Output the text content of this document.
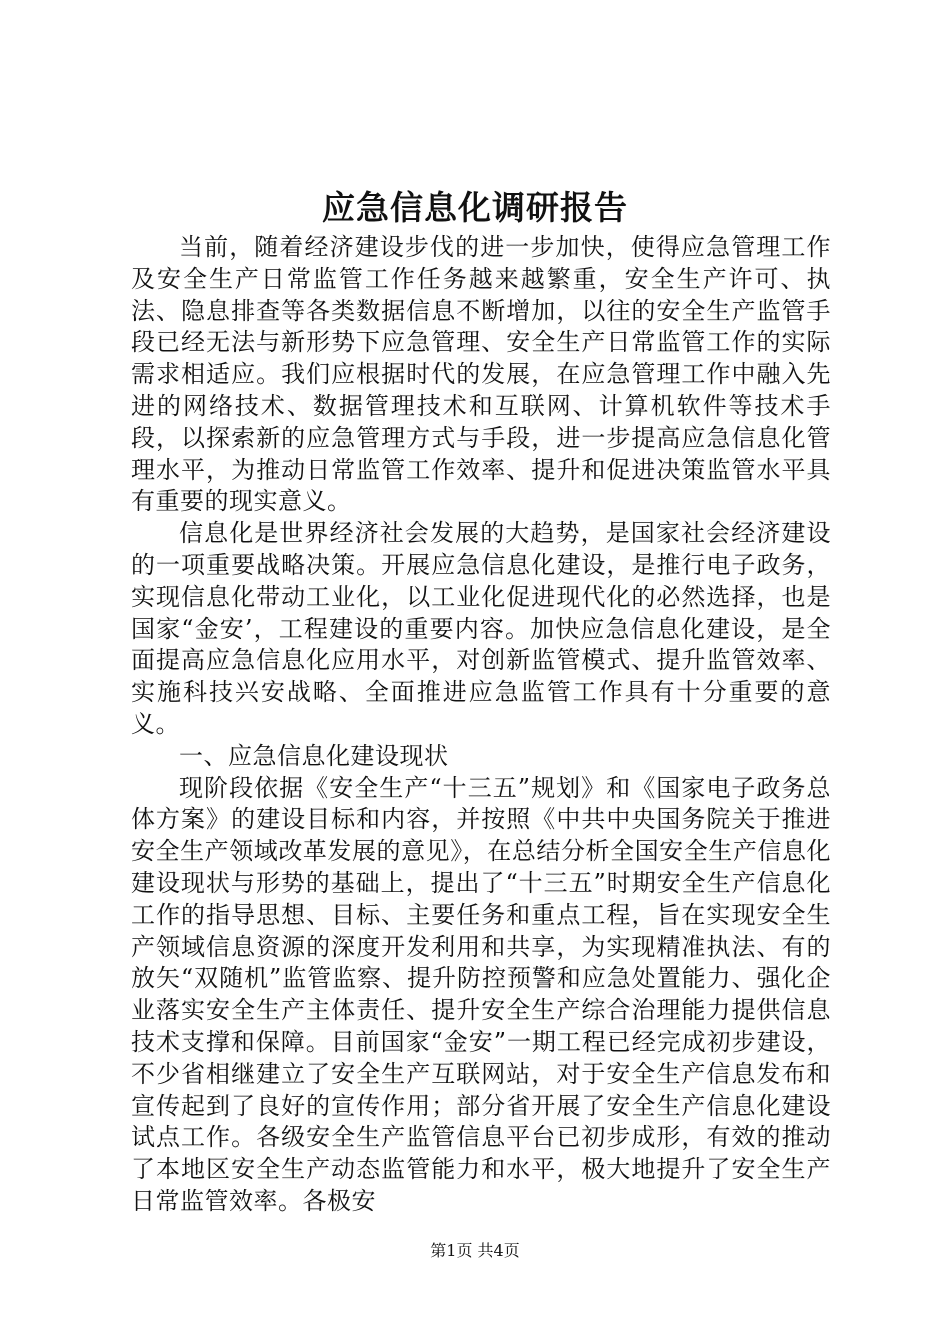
应急信息化调研报告

当前，随着经济建设步伐的进一步加快，使得应急管理工作及安全生产日常监管工作任务越来越繁重，安全生产许可、执法、隐息排查等各类数据信息不断增加，以往的安全生产监管手段已经无法与新形势下应急管理、安全生产日常监管工作的实际需求相适应。我们应根据时代的发展，在应急管理工作中融入先进的网络技术、数据管理技术和互联网、计算机软件等技术手段，以探索新的应急管理方式与手段，进一步提高应急信息化管理水平，为推动日常监管工作效率、提升和促进决策监管水平具有重要的现实意义。

信息化是世界经济社会发展的大趋势，是国家社会经济建设的一项重要战略决策。开展应急信息化建设，是推行电子政务，实现信息化带动工业化，以工业化促进现代化的必然选择，也是国家“金安’，工程建设的重要内容。加快应急信息化建设，是全面提高应急信息化应用水平，对创新监管模式、提升监管效率、实施科技兴安战略、全面推进应急监管工作具有十分重要的意义。

一、应急信息化建设现状

现阶段依据《安全生产“十三五”规划》和《国家电子政务总体方案》的建设目标和内容，并按照《中共中央国务院关于推进安全生产领域改革发展的意见》，在总结分析全国安全生产信息化建设现状与形势的基础上，提出了“十三五”时期安全生产信息化工作的指导思想、目标、主要任务和重点工程，旨在实现安全生产领域信息资源的深度开发利用和共享，为实现精准执法、有的放矢“双随机”监管监察、提升防控预警和应急处置能力、强化企业落实安全生产主体责任、提升安全生产综合治理能力提供信息技术支撑和保障。目前国家“金安”一期工程已经完成初步建设，不少省相继建立了安全生产互联网站，对于安全生产信息发布和宣传起到了良好的宣传作用；部分省开展了安全生产信息化建设试点工作。各级安全生产监管信息平台已初步成形，有效的推动了本地区安全生产动态监管能力和水平，极大地提升了安全生产日常监管效率。各极安

第1页 共4页
